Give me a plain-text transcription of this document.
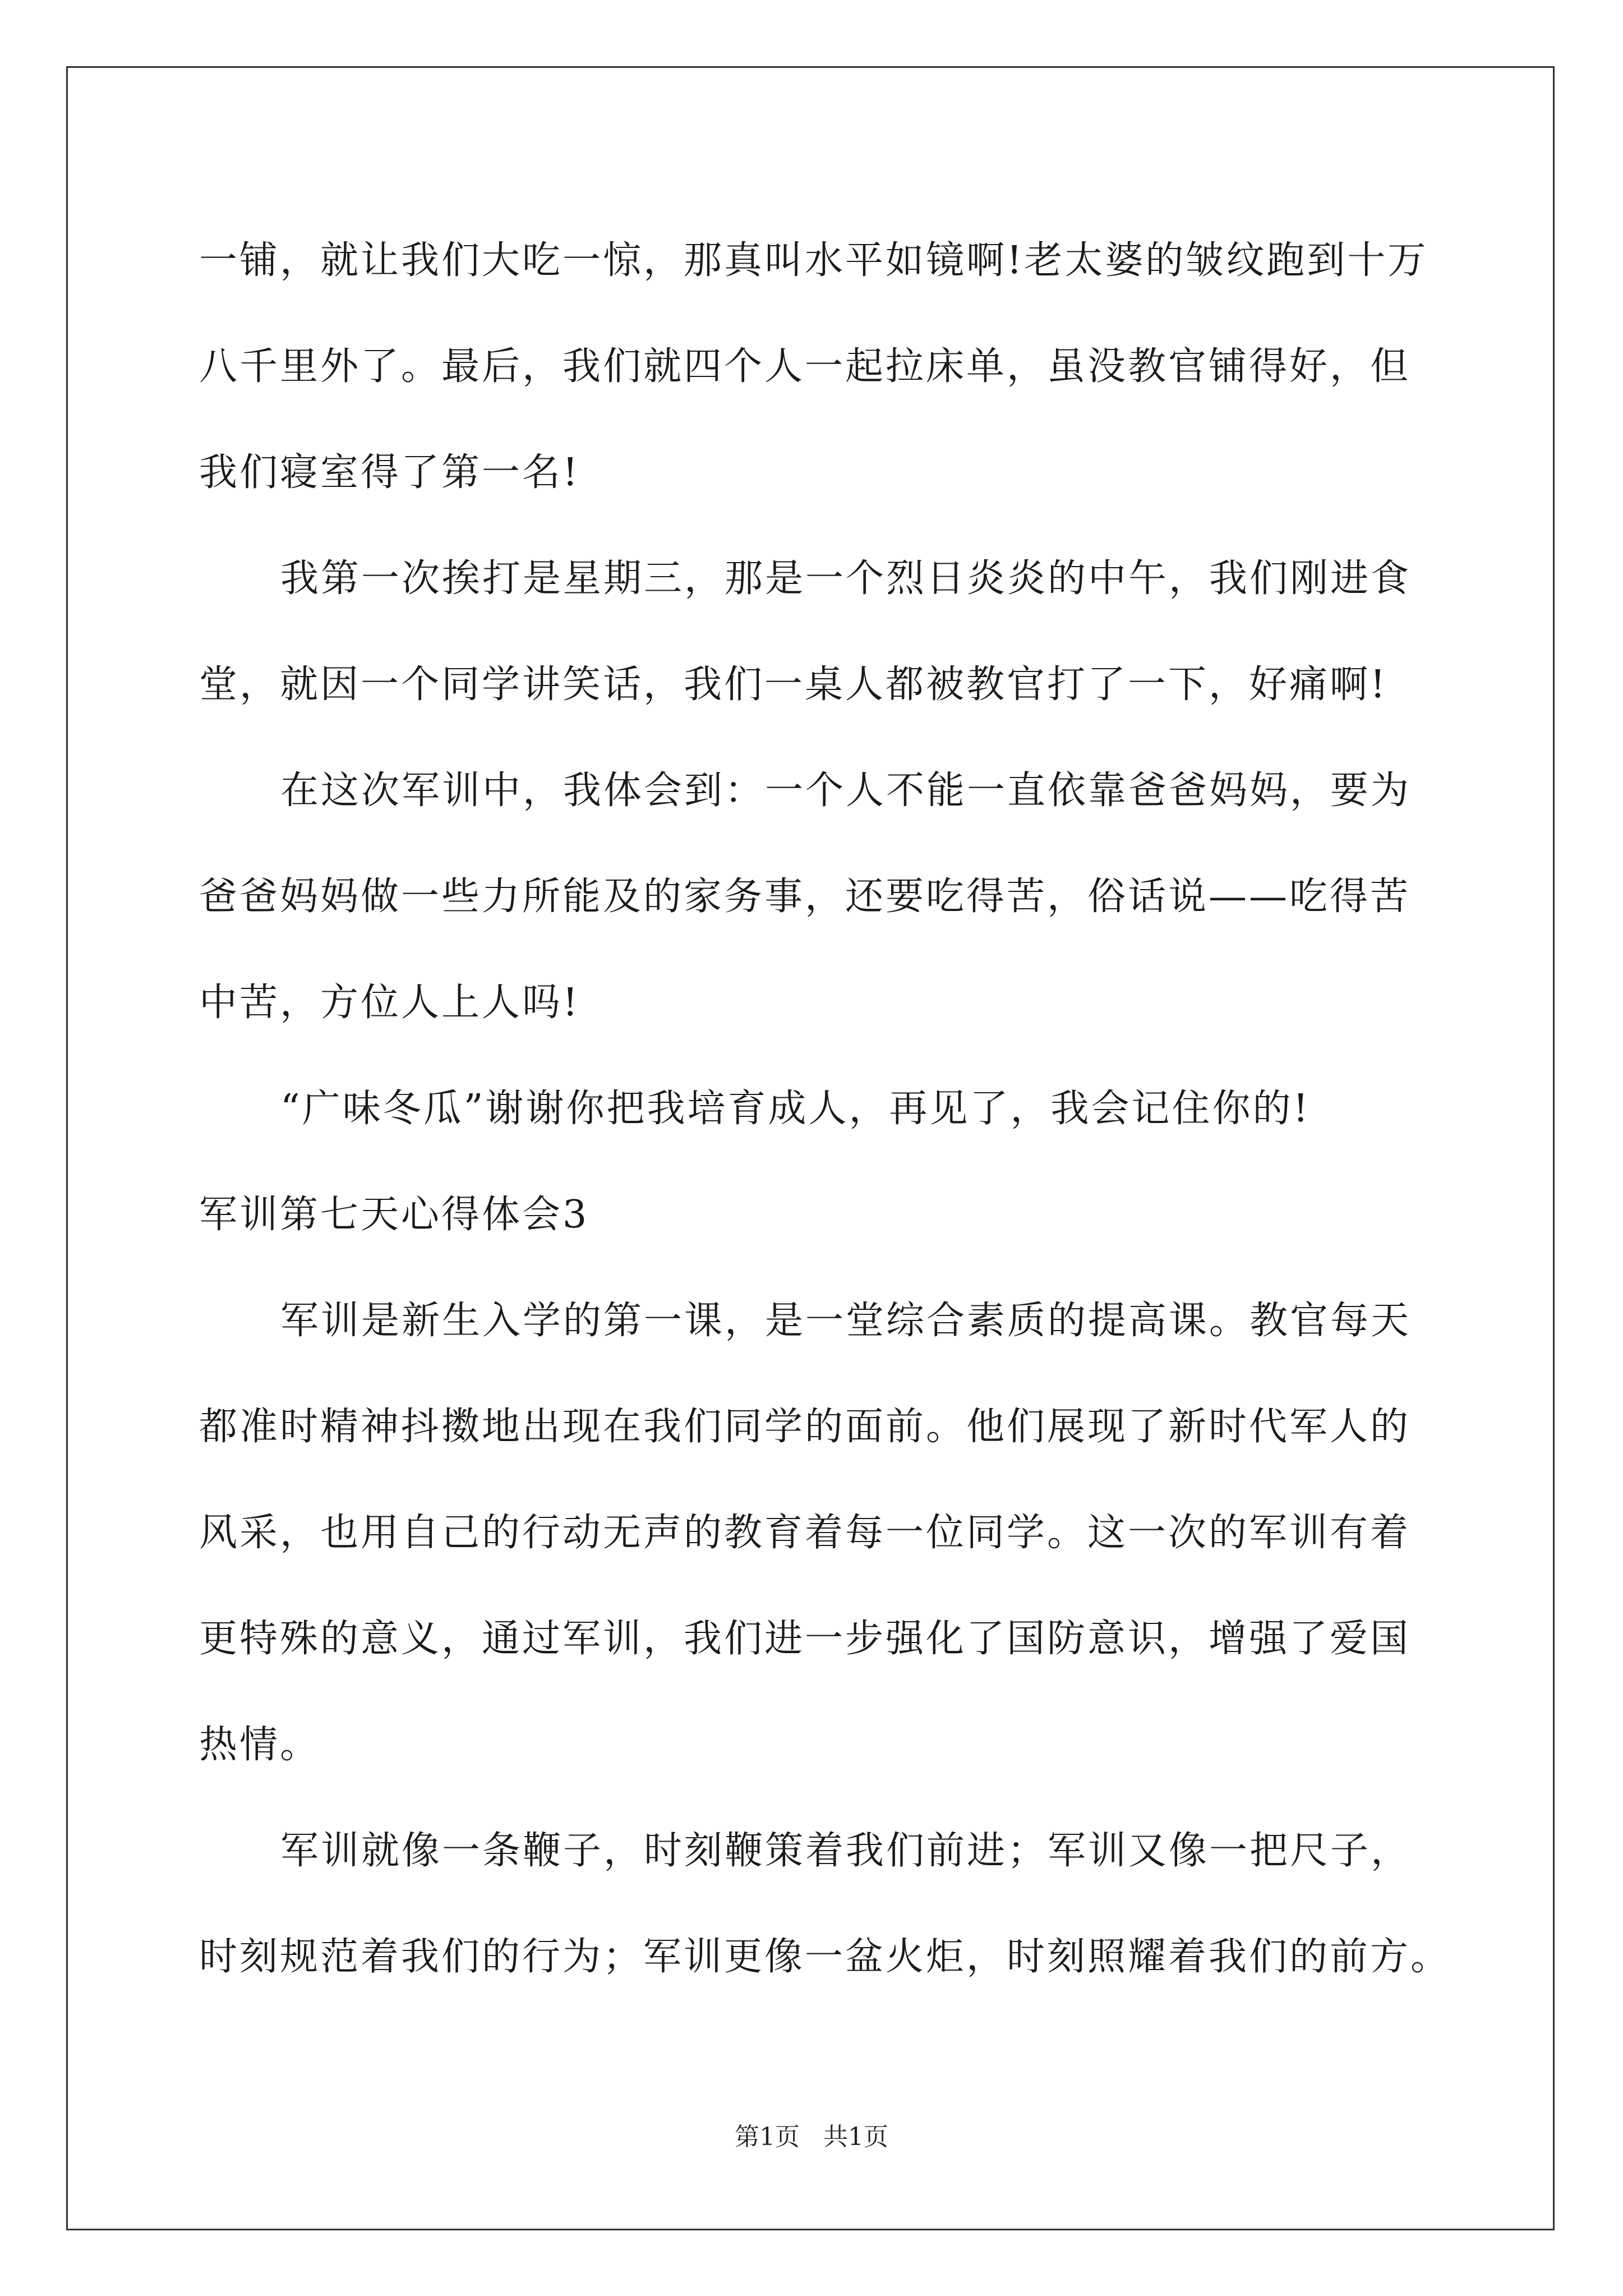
一铺，就让我们大吃一惊，那真叫水平如镜啊!老太婆的皱纹跑到十万
八千里外了。最后，我们就四个人一起拉床单，虽没教官铺得好，但
我们寝室得了第一名!
我第一次挨打是星期三，那是一个烈日炎炎的中午，我们刚进食
堂，就因一个同学讲笑话，我们一桌人都被教官打了一下，好痛啊!
在这次军训中，我体会到：一个人不能一直依靠爸爸妈妈，要为
爸爸妈妈做一些力所能及的家务事，还要吃得苦，俗话说——吃得苦
中苦，方位人上人吗!
“广味冬瓜”谢谢你把我培育成人，再见了，我会记住你的!
军训第七天心得体会3
军训是新生入学的第一课，是一堂综合素质的提高课。教官每天
都准时精神抖擞地出现在我们同学的面前。他们展现了新时代军人的
风采，也用自己的行动无声的教育着每一位同学。这一次的军训有着
更特殊的意义，通过军训，我们进一步强化了国防意识，增强了爱国
热情。
军训就像一条鞭子，时刻鞭策着我们前进；军训又像一把尺子，
时刻规范着我们的行为；军训更像一盆火炬，时刻照耀着我们的前方。
第1页 共1页
